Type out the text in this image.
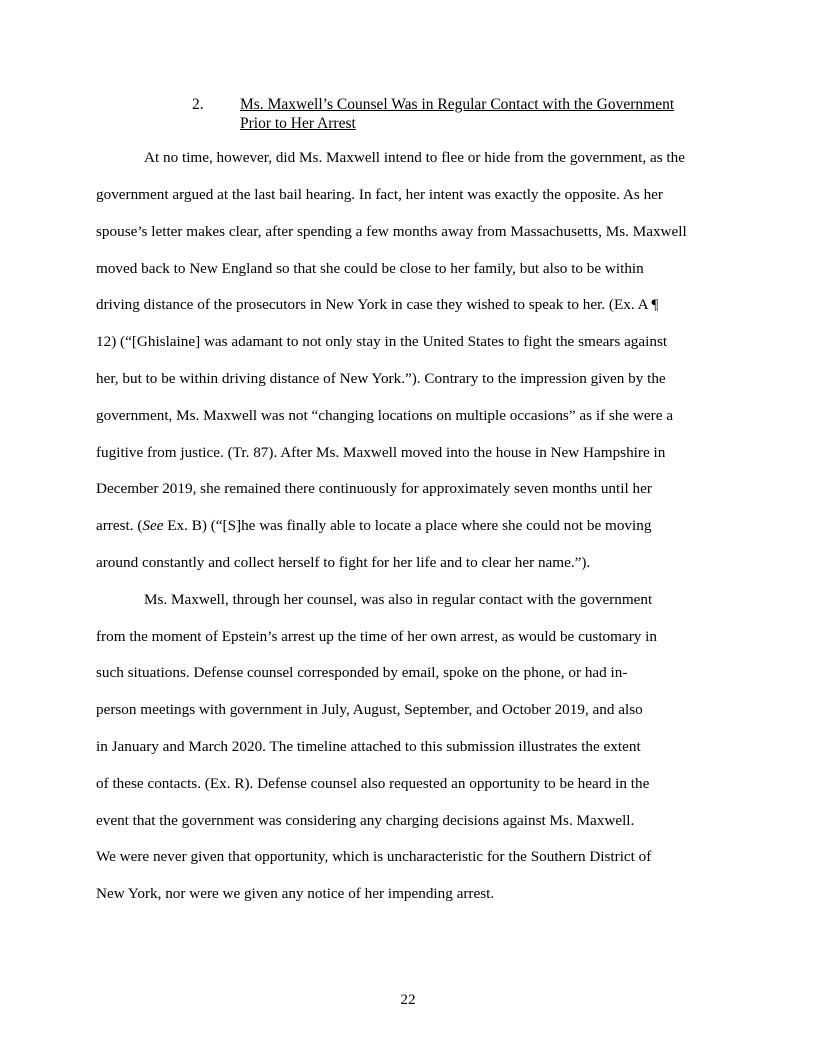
2. Ms. Maxwell’s Counsel Was in Regular Contact with the Government
Prior to Her Arrest
At no time, however, did Ms. Maxwell intend to flee or hide from the government, as the
government argued at the last bail hearing. In fact, her intent was exactly the opposite. As her
spouse’s letter makes clear, after spending a few months away from Massachusetts, Ms. Maxwell
moved back to New England so that she could be close to her family, but also to be within
driving distance of the prosecutors in New York in case they wished to speak to her. (Ex. A ¶
12) (“[Ghislaine] was adamant to not only stay in the United States to fight the smears against
her, but to be within driving distance of New York.”). Contrary to the impression given by the
government, Ms. Maxwell was not “changing locations on multiple occasions” as if she were a
fugitive from justice. (Tr. 87). After Ms. Maxwell moved into the house in New Hampshire in
December 2019, she remained there continuously for approximately seven months until her
arrest. (See Ex. B) (“[S]he was finally able to locate a place where she could not be moving
around constantly and collect herself to fight for her life and to clear her name.”).
Ms. Maxwell, through her counsel, was also in regular contact with the government
from the moment of Epstein’s arrest up the time of her own arrest, as would be customary in
such situations. Defense counsel corresponded by email, spoke on the phone, or had in-
person meetings with government in July, August, September, and October 2019, and also
in January and March 2020. The timeline attached to this submission illustrates the extent
of these contacts. (Ex. R). Defense counsel also requested an opportunity to be heard in the
event that the government was considering any charging decisions against Ms. Maxwell.
We were never given that opportunity, which is uncharacteristic for the Southern District of
New York, nor were we given any notice of her impending arrest.
22
